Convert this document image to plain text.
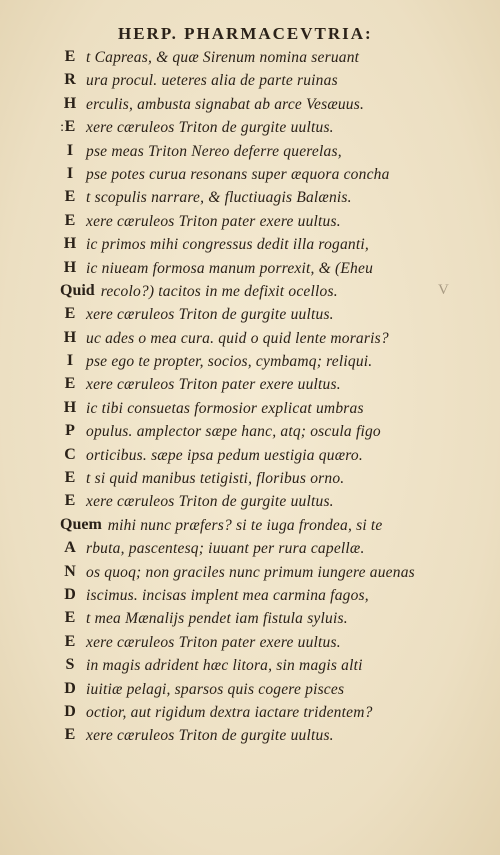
HERP. PHARMACEVTRIA:
E t Capreas, & quæ Sirenum nomina seruant
R ura procul. ueteres alia de parte ruinas
H erculis, ambusta signabat ab arce Vesæuus.
: E xere cæruleos Triton de gurgite uultus.
I pse meas Triton Nereo deferre querelas,
I pse potes curua resonans super æquora concha
E t scopulis narrare, & fluctiuagis Balænis.
E xere cæruleos Triton pater exere uultus.
H ic primos mihi congressus dedit illa roganti,
H ic niueam formosa manum porrexit, & (Eheu
Quid recolo?) tacitos in me defixit ocellos.	V
E xere cæruleos Triton de gurgite uultus.
H uc ades o mea cura. quid o quid lente moraris?
I pse ego te propter, socios, cymbamq; reliqui.
E xere cæruleos Triton pater exere uultus.
H ic tibi consuetas formosior explicat umbras
P opulus. amplector sæpe hanc, atq; oscula figo
C orticibus. sæpe ipsa pedum uestigia quæro.
E t si quid manibus tetigisti, floribus orno.
E xere cæruleos Triton de gurgite uultus.
Quem mihi nunc præfers? si te iuga frondea, si te
A rbuta, pascentesq; iuuant per rura capellæ.
N os quoq; non graciles nunc primum iungere auenas
D iscimus. incisas implent mea carmina fagos,
E t mea Mænalijs pendet iam fistula syluis.
E xere cæruleos Triton pater exere uultus.
S in magis adrident hæc litora, sin magis alti
D iuitiæ pelagi, sparsos quis cogere pisces
D octior, aut rigidum dextra iactare tridentem?
E xere cæruleos Triton de gurgite uultus.
